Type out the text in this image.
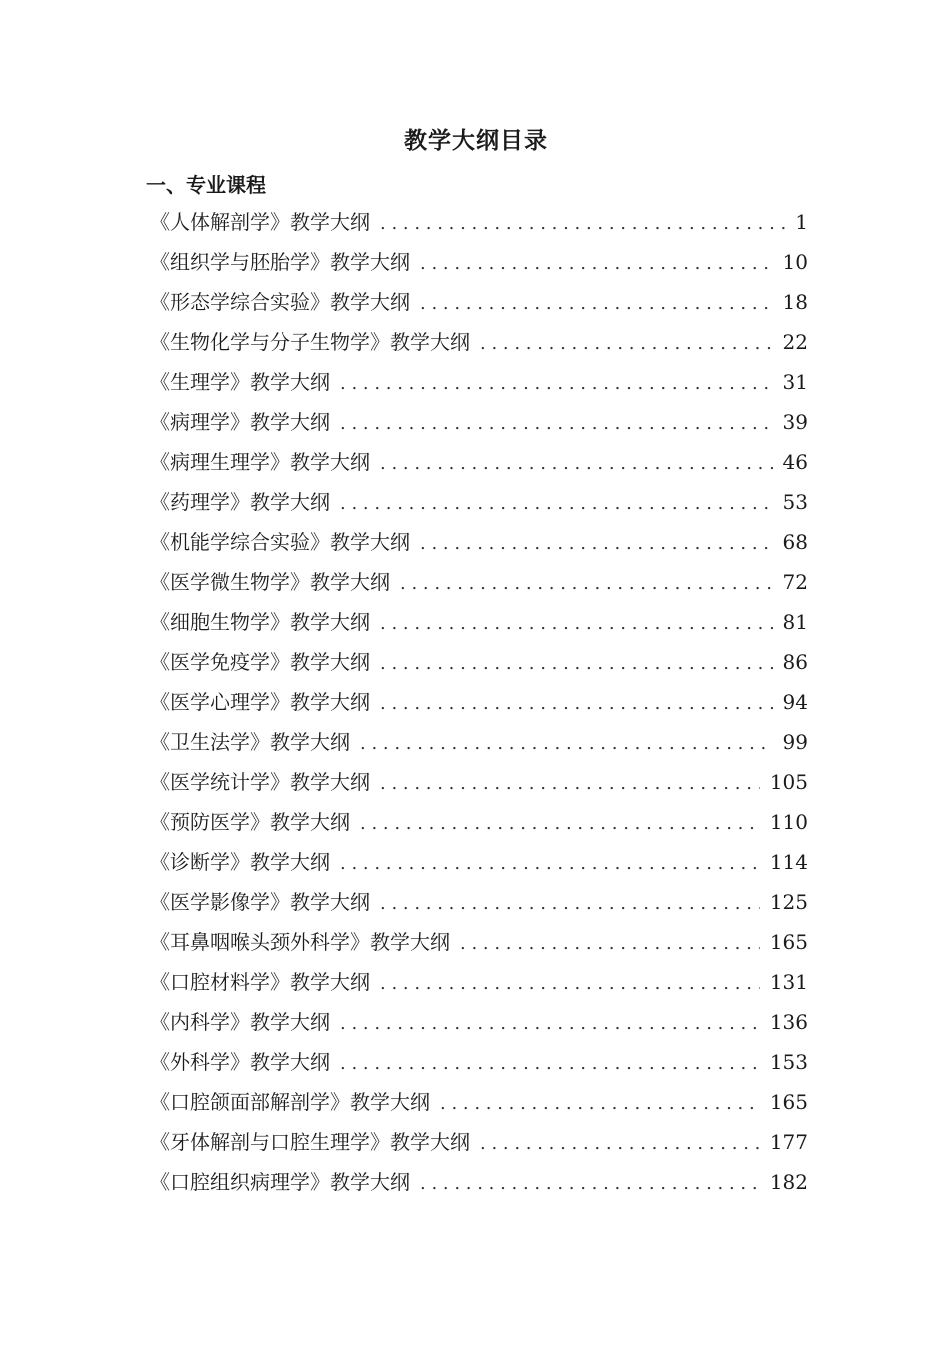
教学大纲目录
一、专业课程
《人体解剖学》教学大纲 . . .	1
《组织学与胚胎学》教学大纲 . . .	10
《形态学综合实验》教学大纲 . . .	18
《生物化学与分子生物学》教学大纲 . . .	22
《生理学》教学大纲 . . .	31
《病理学》教学大纲 . . .	39
《病理生理学》教学大纲 . . .	46
《药理学》教学大纲 . . .	53
《机能学综合实验》教学大纲 . . .	68
《医学微生物学》教学大纲 . . .	72
《细胞生物学》教学大纲 . . .	81
《医学免疫学》教学大纲 . . .	86
《医学心理学》教学大纲 . . .	94
《卫生法学》教学大纲 . . .	99
《医学统计学》教学大纲 . . .	105
《预防医学》教学大纲 . . .	110
《诊断学》教学大纲 . . .	114
《医学影像学》教学大纲 . . .	125
《耳鼻咽喉头颈外科学》教学大纲 . . .	165
《口腔材料学》教学大纲 . . .	131
《内科学》教学大纲 . . .	136
《外科学》教学大纲 . . .	153
《口腔颌面部解剖学》教学大纲 . . .	165
《牙体解剖与口腔生理学》教学大纲 . . .	177
《口腔组织病理学》教学大纲 . . .	182
